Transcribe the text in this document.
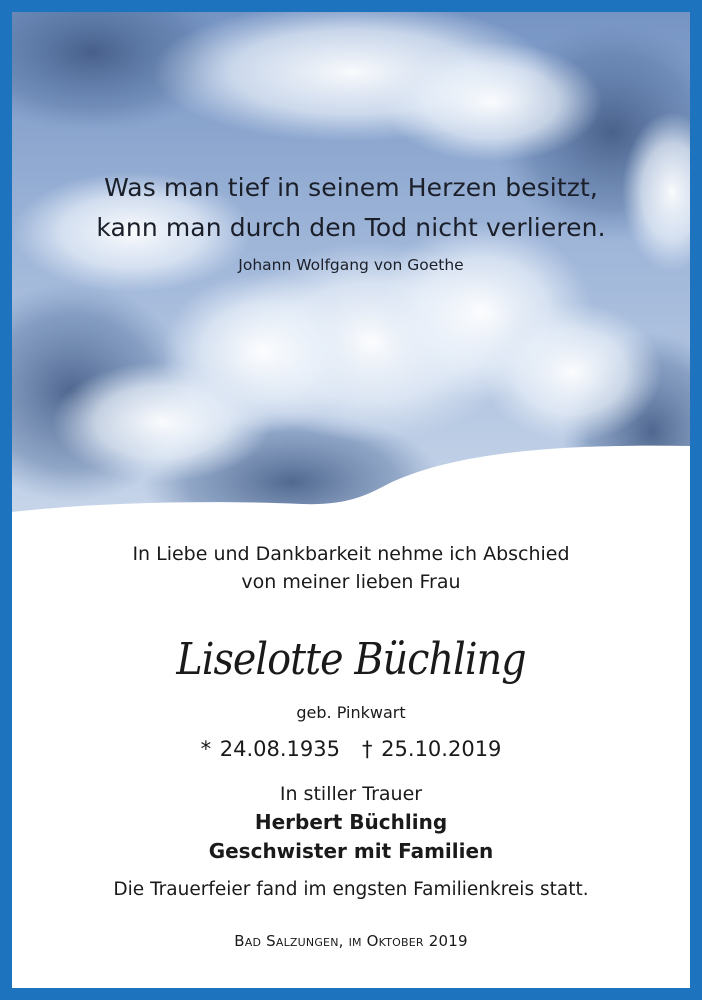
Was man tief in seinem Herzen besitzt,
kann man durch den Tod nicht verlieren.
Johann Wolfgang von Goethe
In Liebe und Dankbarkeit nehme ich Abschied
von meiner lieben Frau
Liselotte Büchling
geb. Pinkwart
* 24.08.1935 † 25.10.2019
In stiller Trauer
Herbert Büchling
Geschwister mit Familien
Die Trauerfeier fand im engsten Familienkreis statt.
Bad Salzungen, im Oktober 2019
